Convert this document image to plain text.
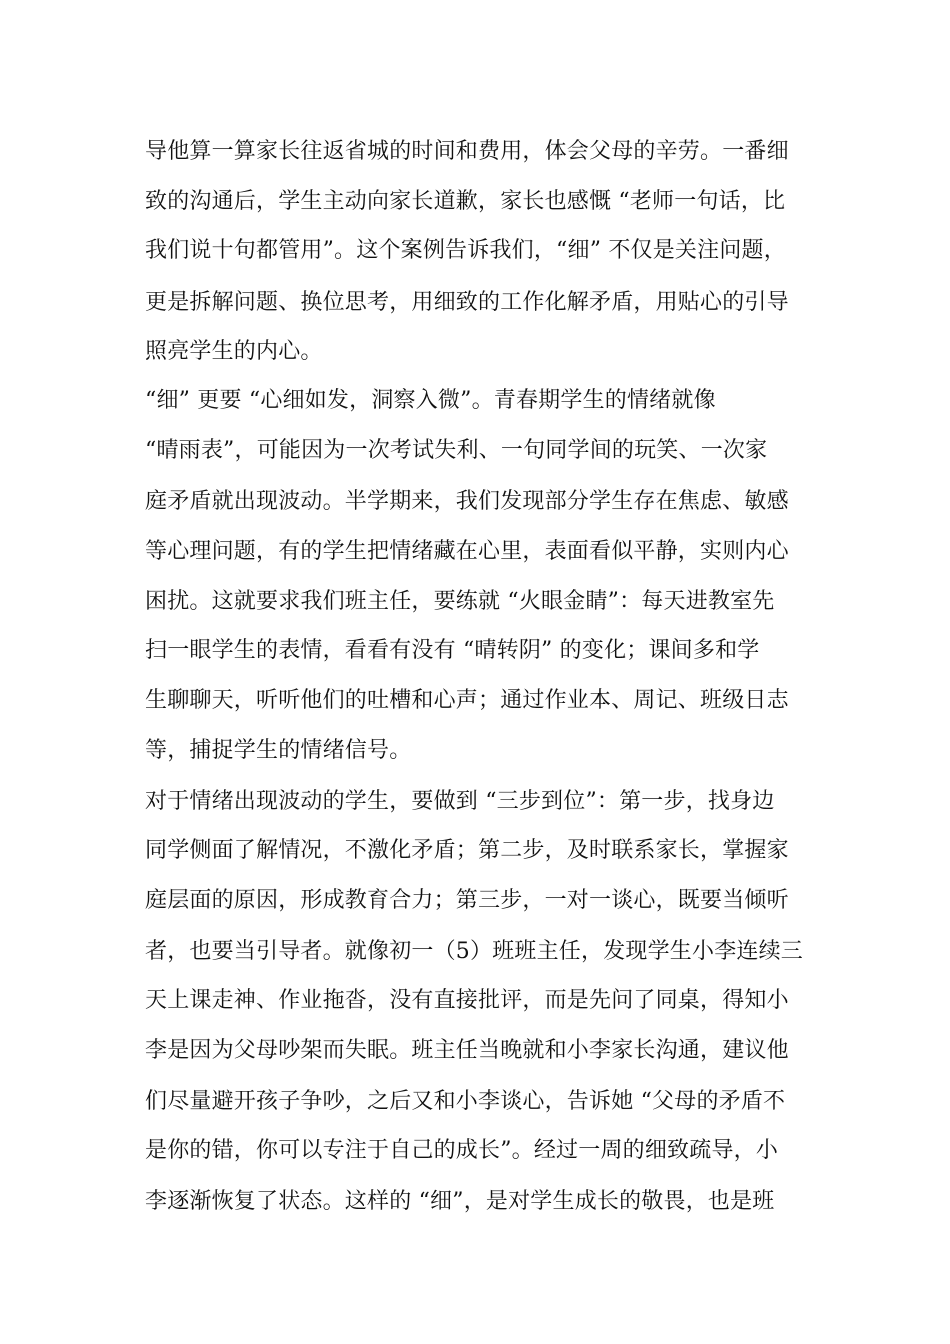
导他算一算家长往返省城的时间和费用，体会父母的辛劳。一番细
致的沟通后，学生主动向家长道歉，家长也感慨 “老师一句话，比
我们说十句都管用”。这个案例告诉我们，“细” 不仅是关注问题，
更是拆解问题、换位思考，用细致的工作化解矛盾，用贴心的引导
照亮学生的内心。
“细” 更要 “心细如发，洞察入微”。青春期学生的情绪就像
“晴雨表”，可能因为一次考试失利、一句同学间的玩笑、一次家
庭矛盾就出现波动。半学期来，我们发现部分学生存在焦虑、敏感
等心理问题，有的学生把情绪藏在心里，表面看似平静，实则内心
困扰。这就要求我们班主任，要练就 “火眼金睛”：每天进教室先
扫一眼学生的表情，看看有没有 “晴转阴” 的变化；课间多和学
生聊聊天，听听他们的吐槽和心声；通过作业本、周记、班级日志
等，捕捉学生的情绪信号。
对于情绪出现波动的学生，要做到 “三步到位”：第一步，找身边
同学侧面了解情况，不激化矛盾；第二步，及时联系家长，掌握家
庭层面的原因，形成教育合力；第三步，一对一谈心，既要当倾听
者，也要当引导者。就像初一（5）班班主任，发现学生小李连续三
天上课走神、作业拖沓，没有直接批评，而是先问了同桌，得知小
李是因为父母吵架而失眠。班主任当晚就和小李家长沟通，建议他
们尽量避开孩子争吵，之后又和小李谈心，告诉她 “父母的矛盾不
是你的错，你可以专注于自己的成长”。经过一周的细致疏导，小
李逐渐恢复了状态。这样的 “细”，是对学生成长的敬畏，也是班
